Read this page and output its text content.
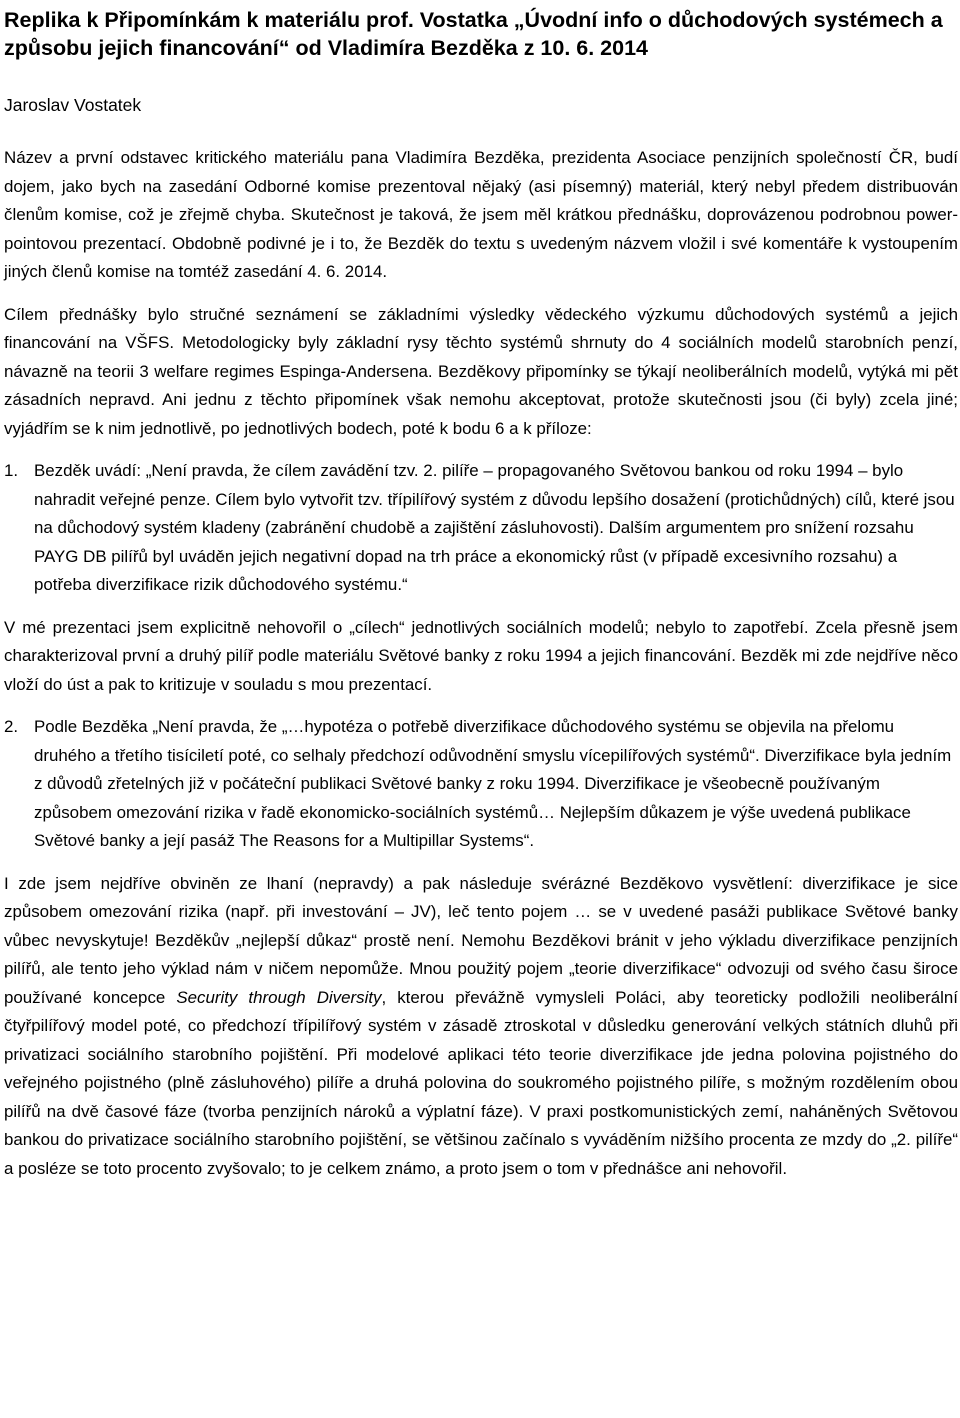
Replika k Připomínkám k materiálu prof. Vostatka „Úvodní info o důchodových systémech a způsobu jejich financování“ od Vladimíra Bezděka z 10. 6. 2014
Jaroslav Vostatek
Název a první odstavec kritického materiálu pana Vladimíra Bezděka, prezidenta Asociace penzijních společností ČR, budí dojem, jako bych na zasedání Odborné komise prezentoval nějaký (asi písemný) materiál, který nebyl předem distribuován členům komise, což je zřejmě chyba. Skutečnost je taková, že jsem měl krátkou přednášku, doprovázenou podrobnou power-pointovou prezentací. Obdobně podivné je i to, že Bezděk do textu s uvedeným názvem vložil i své komentáře k vystoupením jiných členů komise na tomtéž zasedání 4. 6. 2014.
Cílem přednášky bylo stručné seznámení se základními výsledky vědeckého výzkumu důchodových systémů a jejich financování na VŠFS. Metodologicky byly základní rysy těchto systémů shrnuty do 4 sociálních modelů starobních penzí, návazně na teorii 3 welfare regimes Espinga-Andersena. Bezděkovy připomínky se týkají neoliberálních modelů, vytýká mi pět zásadních nepravd. Ani jednu z těchto připomínek však nemohu akceptovat, protože skutečnosti jsou (či byly) zcela jiné; vyjádřím se k nim jednotlivě, po jednotlivých bodech, poté k bodu 6 a k příloze:
1. Bezděk uvádí: „Není pravda, že cílem zavádění tzv. 2. pilíře – propagovaného Světovou bankou od roku 1994 – bylo nahradit veřejné penze. Cílem bylo vytvořit tzv. třípilířový systém z důvodu lepšího dosažení (protichůdných) cílů, které jsou na důchodový systém kladeny (zabránění chudobě a zajištění zásluhovosti). Dalším argumentem pro snížení rozsahu PAYG DB pilířů byl uváděn jejich negativní dopad na trh práce a ekonomický růst (v případě excesivního rozsahu) a potřeba diverzifikace rizik důchodového systému.“
V mé prezentaci jsem explicitně nehovořil o „cílech“ jednotlivých sociálních modelů; nebylo to zapotřebí. Zcela přesně jsem charakterizoval první a druhý pilíř podle materiálu Světové banky z roku 1994 a jejich financování. Bezděk mi zde nejdříve něco vloží do úst a pak to kritizuje v souladu s mou prezentací.
2. Podle Bezděka „Není pravda, že „…hypotéza o potřebě diverzifikace důchodového systému se objevila na přelomu druhého a třetího tisíciletí poté, co selhaly předchozí odůvodnění smyslu vícepilířových systémů“. Diverzifikace byla jedním z důvodů zřetelných již v počáteční publikaci Světové banky z roku 1994. Diverzifikace je všeobecně používaným způsobem omezování rizika v řadě ekonomicko-sociálních systémů… Nejlepším důkazem je výše uvedená publikace Světové banky a její pasáž The Reasons for a Multipillar Systems“.
I zde jsem nejdříve obviněn ze lhaní (nepravdy) a pak následuje svérázné Bezděkovo vysvětlení: diverzifikace je sice způsobem omezování rizika (např. při investování – JV), leč tento pojem … se v uvedené pasáži publikace Světové banky vůbec nevyskytuje! Bezděkův „nejlepší důkaz“ prostě není. Nemohu Bezděkovi bránit v jeho výkladu diverzifikace penzijních pilířů, ale tento jeho výklad nám v ničem nepomůže. Mnou použitý pojem „teorie diverzifikace“ odvozuji od svého času široce používané koncepce Security through Diversity, kterou převážně vymysleli Poláci, aby teoreticky podložili neoliberální čtyřpilířový model poté, co předchozí třípilířový systém v zásadě ztroskotal v důsledku generování velkých státních dluhů při privatizaci sociálního starobního pojištění. Při modelové aplikaci této teorie diverzifikace jde jedna polovina pojistného do veřejného pojistného (plně zásluhového) pilíře a druhá polovina do soukromého pojistného pilíře, s možným rozdělením obou pilířů na dvě časové fáze (tvorba penzijních nároků a výplatní fáze). V praxi postkomunistických zemí, naháněných Světovou bankou do privatizace sociálního starobního pojištění, se většinou začínalo s vyváděním nižšího procenta ze mzdy do „2. pilíře“ a posléze se toto procento zvyšovalo; to je celkem známo, a proto jsem o tom v přednášce ani nehovořil.
